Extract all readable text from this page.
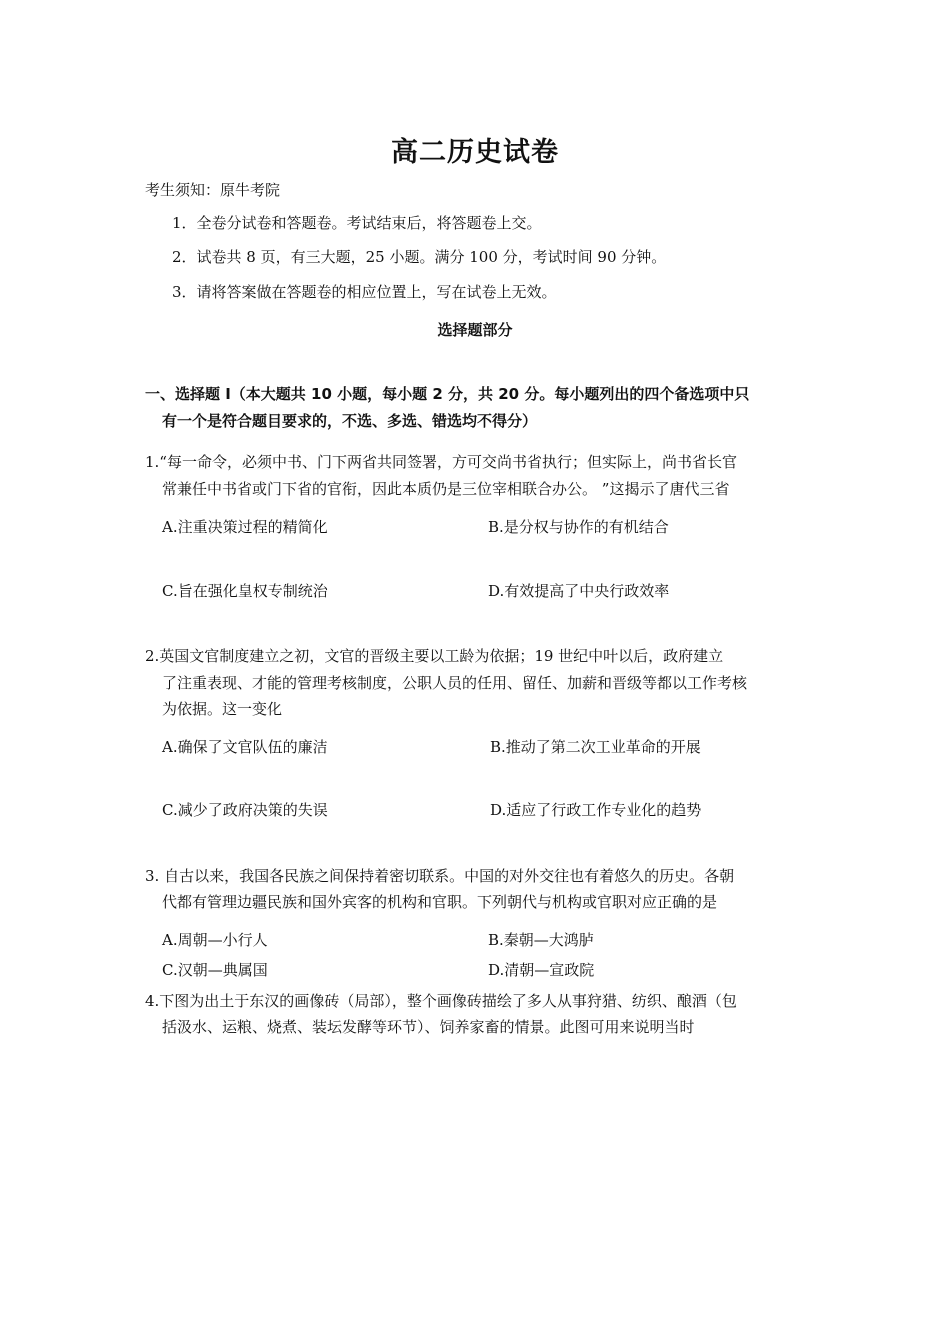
高二历史试卷
考生须知：原牛考院
1．全卷分试卷和答题卷。考试结束后，将答题卷上交。
2．试卷共 8 页，有三大题，25 小题。满分 100 分，考试时间 90 分钟。
3．请将答案做在答题卷的相应位置上，写在试卷上无效。
选择题部分
一、选择题 Ⅰ（本大题共 10 小题，每小题 2 分，共 20 分。每小题列出的四个备选项中只
有一个是符合题目要求的，不选、多选、错选均不得分）
1.“每一命令，必须中书、门下两省共同签署，方可交尚书省执行；但实际上，尚书省长官
常兼任中书省或门下省的官衔，因此本质仍是三位宰相联合办公。 ”这揭示了唐代三省
A.注重决策过程的精简化	B.是分权与协作的有机结合
C.旨在强化皇权专制统治	D.有效提高了中央行政效率
2.英国文官制度建立之初，文官的晋级主要以工龄为依据；19 世纪中叶以后，政府建立
了注重表现、才能的管理考核制度，公职人员的任用、留任、加薪和晋级等都以工作考核
为依据。这一变化
A.确保了文官队伍的廉洁	B.推动了第二次工业革命的开展
C.减少了政府决策的失误	D.适应了行政工作专业化的趋势
3. 自古以来，我国各民族之间保持着密切联系。中国的对外交往也有着悠久的历史。各朝
代都有管理边疆民族和国外宾客的机构和官职。下列朝代与机构或官职对应正确的是
A.周朝—小行人	B.秦朝—大鸿胪
C.汉朝—典属国	D.清朝—宣政院
4.下图为出土于东汉的画像砖（局部），整个画像砖描绘了多人从事狩猎、纺织、酿酒（包
括汲水、运粮、烧煮、装坛发酵等环节）、饲养家畜的情景。此图可用来说明当时
